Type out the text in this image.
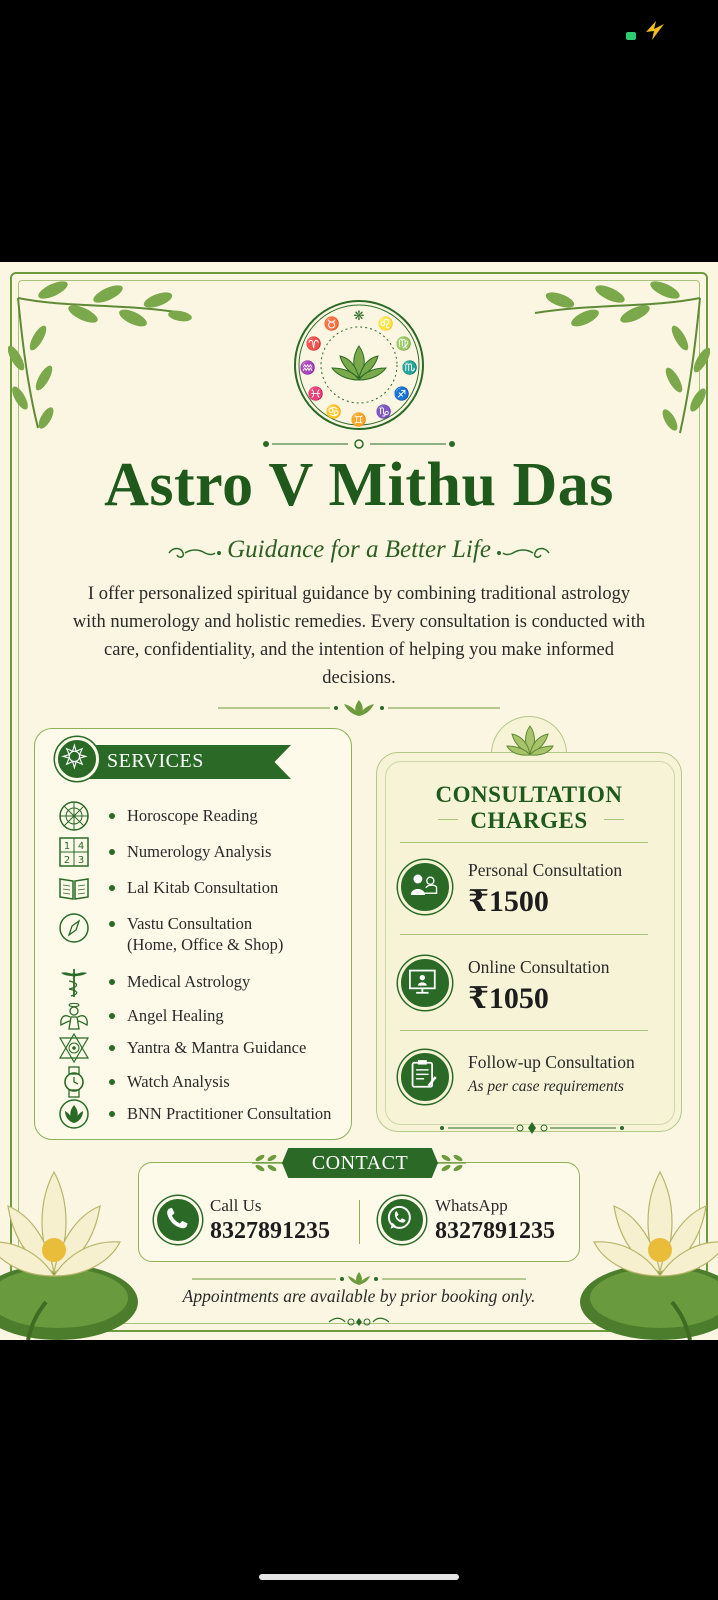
❋
♌
♍
♏
♐
♑
♊
♋
♓
♒
♈
♉
Astro V Mithu Das
Guidance for a Better Life
I offer personalized spiritual guidance by combining traditional astrology with numerology and holistic remedies. Every consultation is conducted with care, confidentiality, and the intention of helping you make informed decisions.
SERVICES
Horoscope Reading
1 4
2 3	Numerology Analysis
Lal Kitab Consultation
Vastu Consultation
(Home, Office & Shop)
Medical Astrology
Angel Healing
Yantra & Mantra Guidance
Watch Analysis
BNN Practitioner Consultation
CONSULTATION
CHARGES
Personal Consultation
₹1500
Online Consultation
₹1050
Follow-up Consultation
As per case requirements
CONTACT
Call Us
8327891235
WhatsApp
8327891235
Appointments are available by prior booking only.
